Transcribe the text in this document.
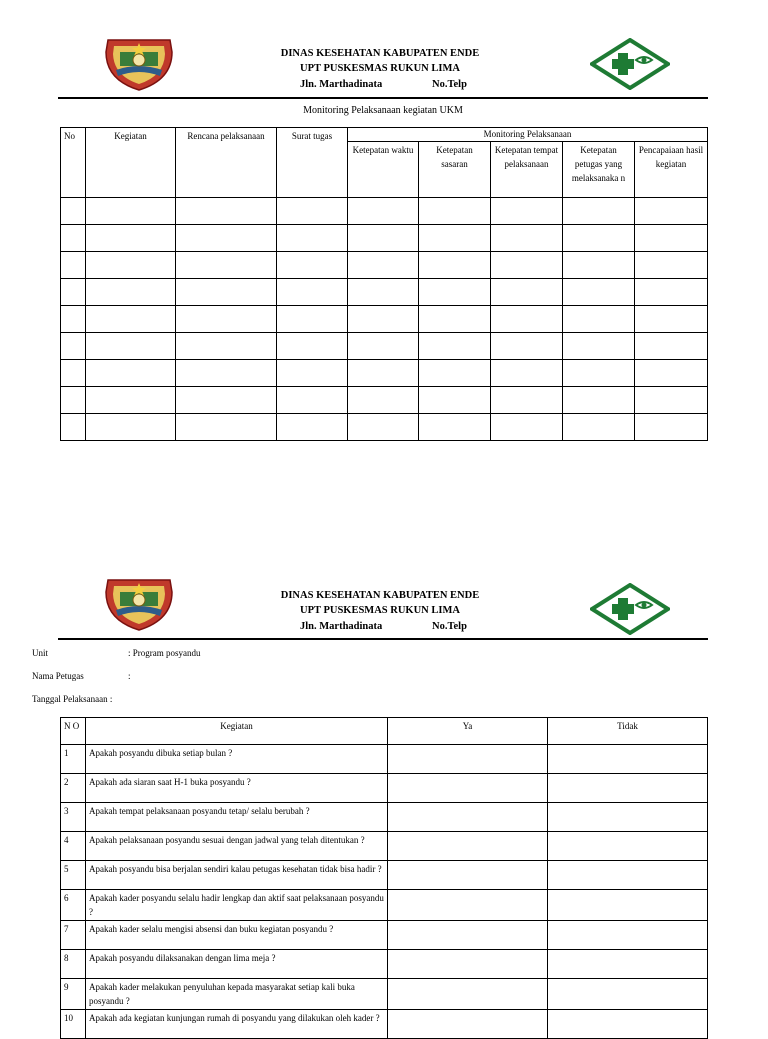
DINAS KESEHATAN KABUPATEN ENDE
UPT PUSKESMAS RUKUN LIMA
Jln. Marthadinata	No.Telp
Monitoring Pelaksanaan kegiatan UKM
No	Kegiatan	Rencana pelaksanaan	Surat tugas	Monitoring Pelaksanaan				
				Ketepatan waktu	Ketepatan sasaran	Ketepatan tempat pelaksanaan	Ketepatan petugas yang melaksanaka n	Pencapaiaan hasil kegiatan

DINAS KESEHATAN KABUPATEN ENDE
UPT PUSKESMAS RUKUN LIMA
Jln. Marthadinata	No.Telp
Unit	: Program posyandu
Nama Petugas	:
Tanggal Pelaksanaan :
N O	Kegiatan	Ya	Tidak
1	Apakah posyandu dibuka setiap bulan ?		
2	Apakah ada siaran saat H-1 buka posyandu ?		
3	Apakah tempat pelaksanaan posyandu tetap/ selalu berubah ?		
4	Apakah pelaksanaan posyandu sesuai dengan jadwal yang telah ditentukan ?		
5	Apakah posyandu bisa berjalan sendiri kalau petugas kesehatan tidak bisa hadir ?		
6	Apakah kader posyandu selalu hadir lengkap dan aktif saat pelaksanaan posyandu ?		
7	Apakah kader selalu mengisi absensi dan buku kegiatan posyandu ?		
8	Apakah posyandu dilaksanakan dengan lima meja ?		
9	Apakah kader melakukan penyuluhan kepada masyarakat setiap kali buka posyandu ?		
10	Apakah ada kegiatan kunjungan rumah di posyandu yang dilakukan oleh kader ?		
